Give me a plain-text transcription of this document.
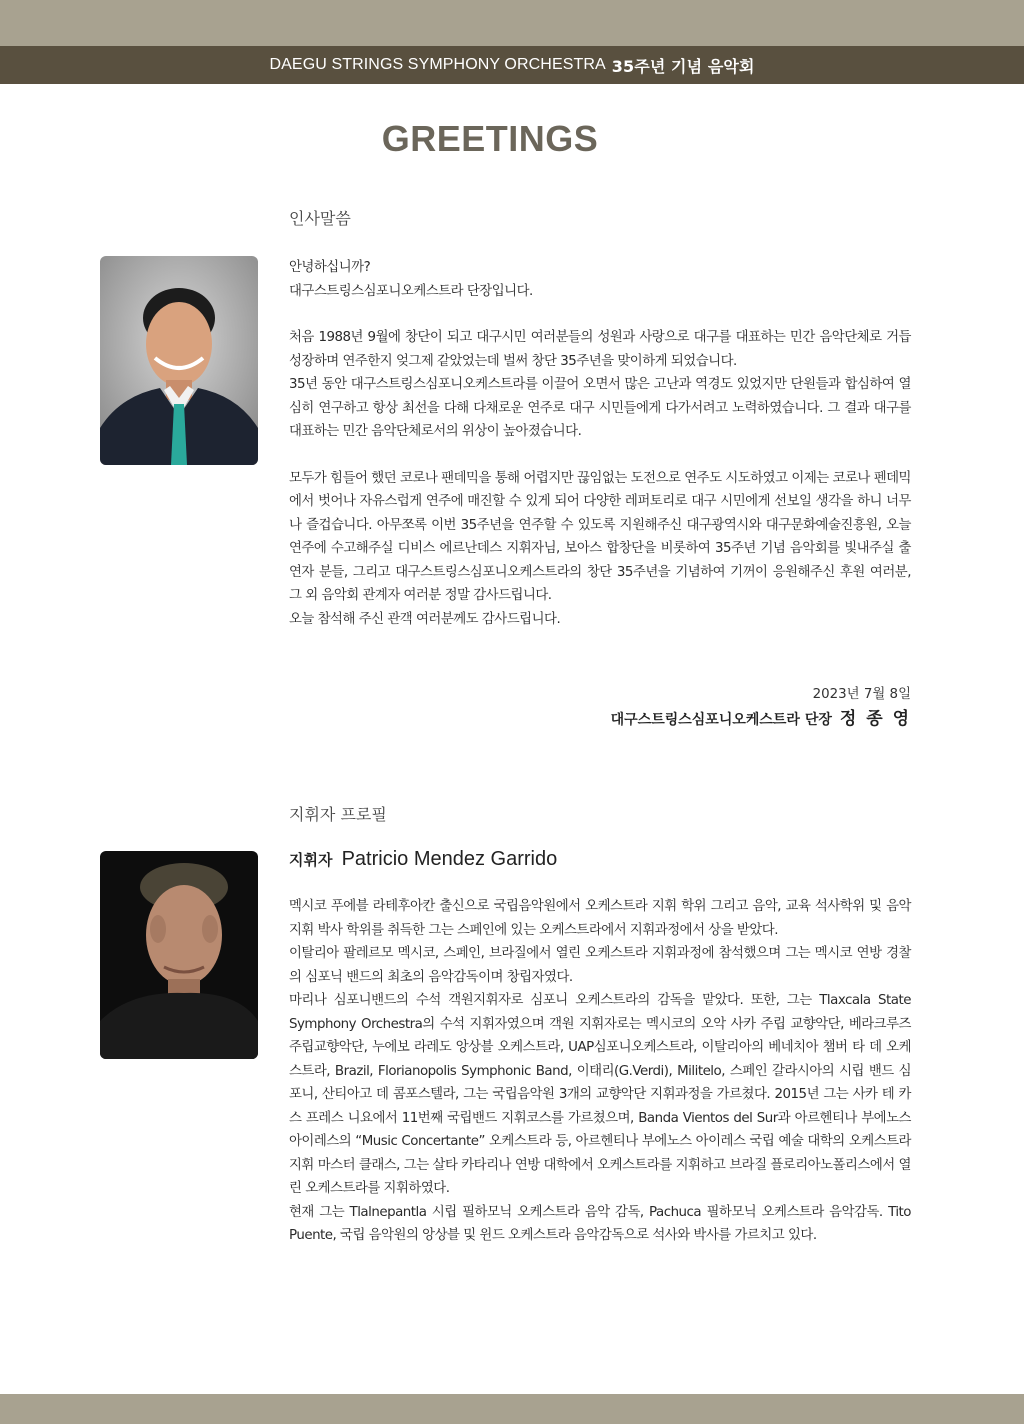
DAEGU STRINGS SYMPHONY ORCHESTRA 35주년 기념 음악회
GREETINGS
인사말씀

안녕하십니까?

대구스트링스심포니오케스트라 단장입니다.

처음 1988년 9월에 창단이 되고 대구시민 여러분들의 성원과 사랑으로 대구를 대표하는 민간 음악단체로 거듭 성장하며 연주한지 엊그제 같았었는데 벌써 창단 35주년을 맞이하게 되었습니다.

35년 동안 대구스트링스심포니오케스트라를 이끌어 오면서 많은 고난과 역경도 있었지만 단원들과 합심하여 열심히 연구하고 항상 최선을 다해 다채로운 연주로 대구 시민들에게 다가서려고 노력하였습니다. 그 결과 대구를 대표하는 민간 음악단체로서의 위상이 높아졌습니다.

모두가 힘들어 했던 코로나 팬데믹을 통해 어렵지만 끊임없는 도전으로 연주도 시도하였고 이제는 코로나 펜데믹에서 벗어나 자유스럽게 연주에 매진할 수 있게 되어 다양한 레퍼토리로 대구 시민에게 선보일 생각을 하니 너무나 즐겁습니다. 아무쪼록 이번 35주년을 연주할 수 있도록 지원해주신 대구광역시와 대구문화예술진흥원, 오늘 연주에 수고해주실 디비스 에르난데스 지휘자님, 보아스 합창단을 비롯하여 35주년 기념 음악회를 빛내주실 출연자 분들, 그리고 대구스트링스심포니오케스트라의 창단 35주년을 기념하여 기꺼이 응원해주신 후원 여러분, 그 외 음악회 관계자 여러분 정말 감사드립니다.

오늘 참석해 주신 관객 여러분께도 감사드립니다.

2023년 7월 8일
대구스트링스심포니오케스트라 단장 정 종 영
지휘자 프로필
지휘자 Patricio Mendez Garrido

멕시코 푸에블 라테후아칸 출신으로 국립음악원에서 오케스트라 지휘 학위 그리고 음악, 교육 석사학위 및 음악 지휘 박사 학위를 취득한 그는 스페인에 있는 오케스트라에서 지휘과정에서 상을 받았다.

이탈리아 팔레르모 멕시코, 스페인, 브라질에서 열린 오케스트라 지휘과정에 참석했으며 그는 멕시코 연방 경찰의 심포닉 밴드의 최초의 음악감독이며 창립자였다.

마리나 심포니밴드의 수석 객원지휘자로 심포니 오케스트라의 감독을 맡았다. 또한, 그는 Tlaxcala State Symphony Orchestra의 수석 지휘자였으며 객원 지휘자로는 멕시코의 오악 사카 주립 교향악단, 베라크루즈 주립교향악단, 누에보 라레도 앙상블 오케스트라, UAP심포니오케스트라, 이탈리아의 베네치아 챔버 타 데 오케스트라, Brazil, Florianopolis Symphonic Band, 이태리(G.Verdi), Militelo, 스페인 갈라시아의 시립 밴드 심포니, 산티아고 데 콤포스텔라, 그는 국립음악원 3개의 교향악단 지휘과정을 가르쳤다. 2015년 그는 사카 테 카스 프레스 니요에서 11번째 국립밴드 지휘코스를 가르쳤으며, Banda Vientos del Sur과 아르헨티나 부에노스 아이레스의 “Music Concertante” 오케스트라 등, 아르헨티나 부에노스 아이레스 국립 예술 대학의 오케스트라 지휘 마스터 클래스, 그는 살타 카타리나 연방 대학에서 오케스트라를 지휘하고 브라질 플로리아노폴리스에서 열린 오케스트라를 지휘하였다.

현재 그는 Tlalnepantla 시립 필하모닉 오케스트라 음악 감독, Pachuca 필하모닉 오케스트라 음악감독. Tito Puente, 국립 음악원의 앙상블 및 윈드 오케스트라 음악감독으로 석사와 박사를 가르치고 있다.
